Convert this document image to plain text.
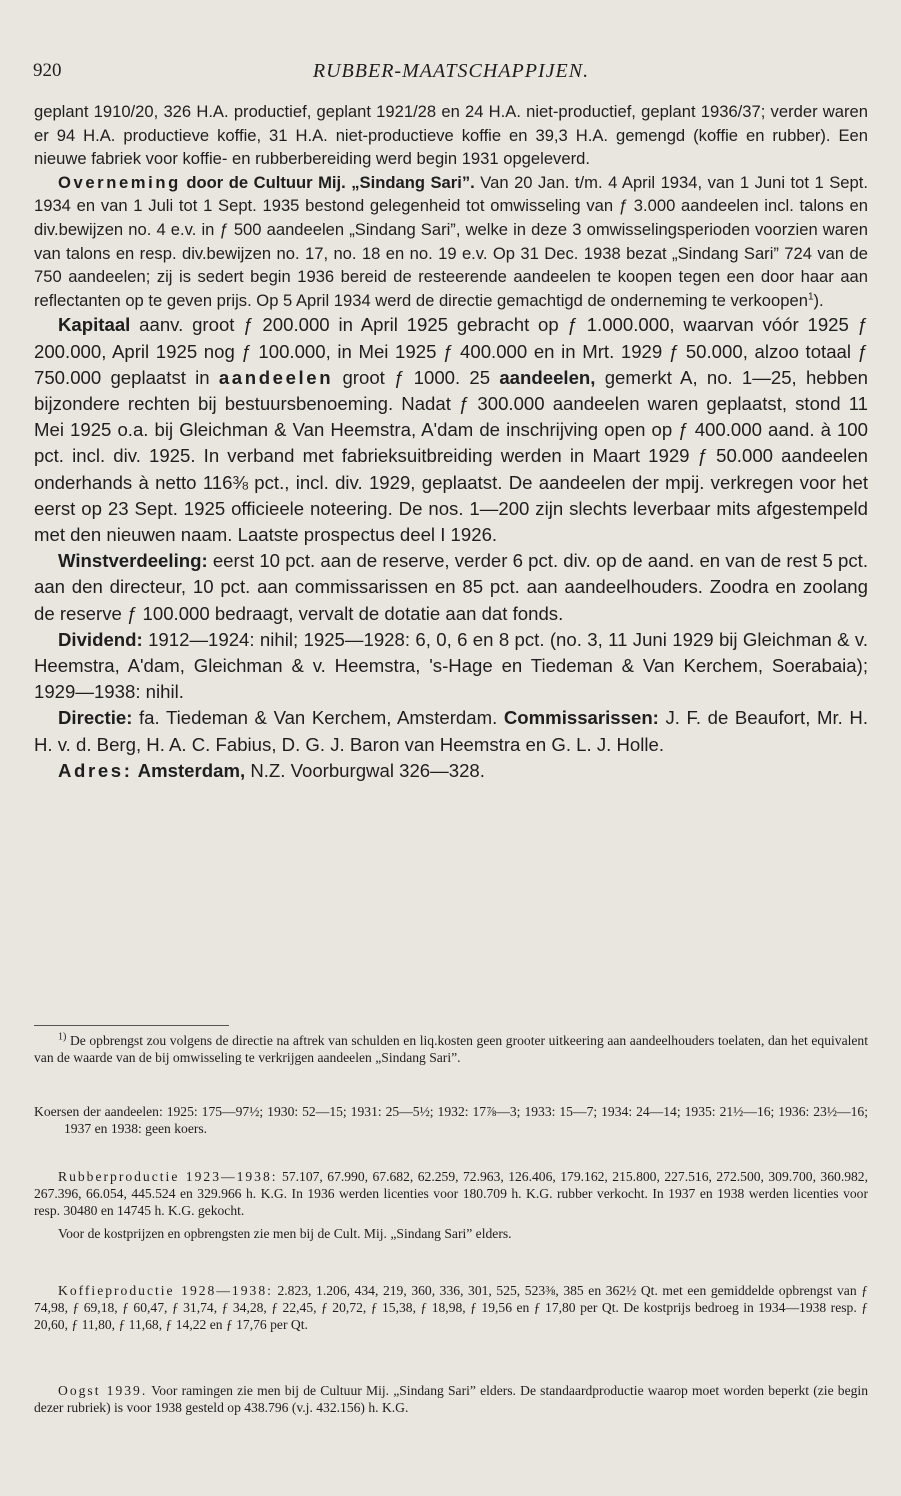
920	RUBBER-MAATSCHAPPIJEN.

geplant 1910/20, 326 H.A. productief, geplant 1921/28 en 24 H.A. niet-productief, geplant 1936/37; verder waren er 94 H.A. productieve koffie, 31 H.A. niet-productieve koffie en 39,3 H.A. gemengd (koffie en rubber). Een nieuwe fabriek voor koffie- en rubberbereiding werd begin 1931 opgeleverd.

Overneming door de Cultuur Mij. „Sindang Sari”. Van 20 Jan. t/m. 4 April 1934, van 1 Juni tot 1 Sept. 1934 en van 1 Juli tot 1 Sept. 1935 bestond gelegenheid tot omwisseling van ƒ 3.000 aandeelen incl. talons en div.bewijzen no. 4 e.v. in ƒ 500 aandeelen „Sindang Sari”, welke in deze 3 omwisselingsperioden voorzien waren van talons en resp. div.bewijzen no. 17, no. 18 en no. 19 e.v. Op 31 Dec. 1938 bezat „Sindang Sari” 724 van de 750 aandeelen; zij is sedert begin 1936 bereid de resteerende aandeelen te koopen tegen een door haar aan reflectanten op te geven prijs. Op 5 April 1934 werd de directie gemachtigd de onderneming te verkoopen$^1$).

Kapitaal aanv. groot ƒ 200.000 in April 1925 gebracht op ƒ 1.000.000, waarvan vóór 1925 ƒ 200.000, April 1925 nog ƒ 100.000, in Mei 1925 ƒ 400.000 en in Mrt. 1929 ƒ 50.000, alzoo totaal ƒ 750.000 geplaatst in aandeelen groot ƒ 1000. 25 aandeelen, gemerkt A, no. 1—25, hebben bijzondere rechten bij bestuursbenoeming. Nadat ƒ 300.000 aandeelen waren geplaatst, stond 11 Mei 1925 o.a. bij Gleichman & Van Heemstra, A'dam de inschrijving open op ƒ 400.000 aand. à 100 pct. incl. div. 1925. In verband met fabrieksuitbreiding werden in Maart 1929 ƒ 50.000 aandeelen onderhands à netto 116⅜ pct., incl. div. 1929, geplaatst. De aandeelen der mpij. verkregen voor het eerst op 23 Sept. 1925 officieele noteering. De nos. 1—200 zijn slechts leverbaar mits afgestempeld met den nieuwen naam. Laatste prospectus deel I 1926.

Winstverdeeling: eerst 10 pct. aan de reserve, verder 6 pct. div. op de aand. en van de rest 5 pct. aan den directeur, 10 pct. aan commissarissen en 85 pct. aan aandeelhouders. Zoodra en zoolang de reserve ƒ 100.000 bedraagt, vervalt de dotatie aan dat fonds.

Dividend: 1912—1924: nihil; 1925—1928: 6, 0, 6 en 8 pct. (no. 3, 11 Juni 1929 bij Gleichman & v. Heemstra, A'dam, Gleichman & v. Heemstra, 's-Hage en Tiedeman & Van Kerchem, Soerabaia); 1929—1938: nihil.

Directie: fa. Tiedeman & Van Kerchem, Amsterdam. Commissarissen: J. F. de Beaufort, Mr. H. H. v. d. Berg, H. A. C. Fabius, D. G. J. Baron van Heemstra en G. L. J. Holle.

Adres: Amsterdam, N.Z. Voorburgwal 326—328.

$^{1)}$ De opbrengst zou volgens de directie na aftrek van schulden en liq.kosten geen grooter uitkeering aan aandeelhouders toelaten, dan het equivalent van de waarde van de bij omwisseling te verkrijgen aandeelen „Sindang Sari”.

Koersen der aandeelen: 1925: 175—97½; 1930: 52—15; 1931: 25—5½; 1932: 17⅞—3; 1933: 15—7; 1934: 24—14; 1935: 21½—16; 1936: 23½—16; 1937 en 1938: geen koers.

Rubberproductie 1923—1938: 57.107, 67.990, 67.682, 62.259, 72.963, 126.406, 179.162, 215.800, 227.516, 272.500, 309.700, 360.982, 267.396, 66.054, 445.524 en 329.966 h. K.G. In 1936 werden licenties voor 180.709 h. K.G. rubber verkocht. In 1937 en 1938 werden licenties voor resp. 30480 en 14745 h. K.G. gekocht.

Voor de kostprijzen en opbrengsten zie men bij de Cult. Mij. „Sindang Sari” elders.

Koffieproductie 1928—1938: 2.823, 1.206, 434, 219, 360, 336, 301, 525, 523⅜, 385 en 362½ Qt. met een gemiddelde opbrengst van ƒ 74,98, ƒ 69,18, ƒ 60,47, ƒ 31,74, ƒ 34,28, ƒ 22,45, ƒ 20,72, ƒ 15,38, ƒ 18,98, ƒ 19,56 en ƒ 17,80 per Qt. De kostprijs bedroeg in 1934—1938 resp. ƒ 20,60, ƒ 11,80, ƒ 11,68, ƒ 14,22 en ƒ 17,76 per Qt.

Oogst 1939. Voor ramingen zie men bij de Cultuur Mij. „Sindang Sari” elders. De standaardproductie waarop moet worden beperkt (zie begin dezer rubriek) is voor 1938 gesteld op 438.796 (v.j. 432.156) h. K.G.
